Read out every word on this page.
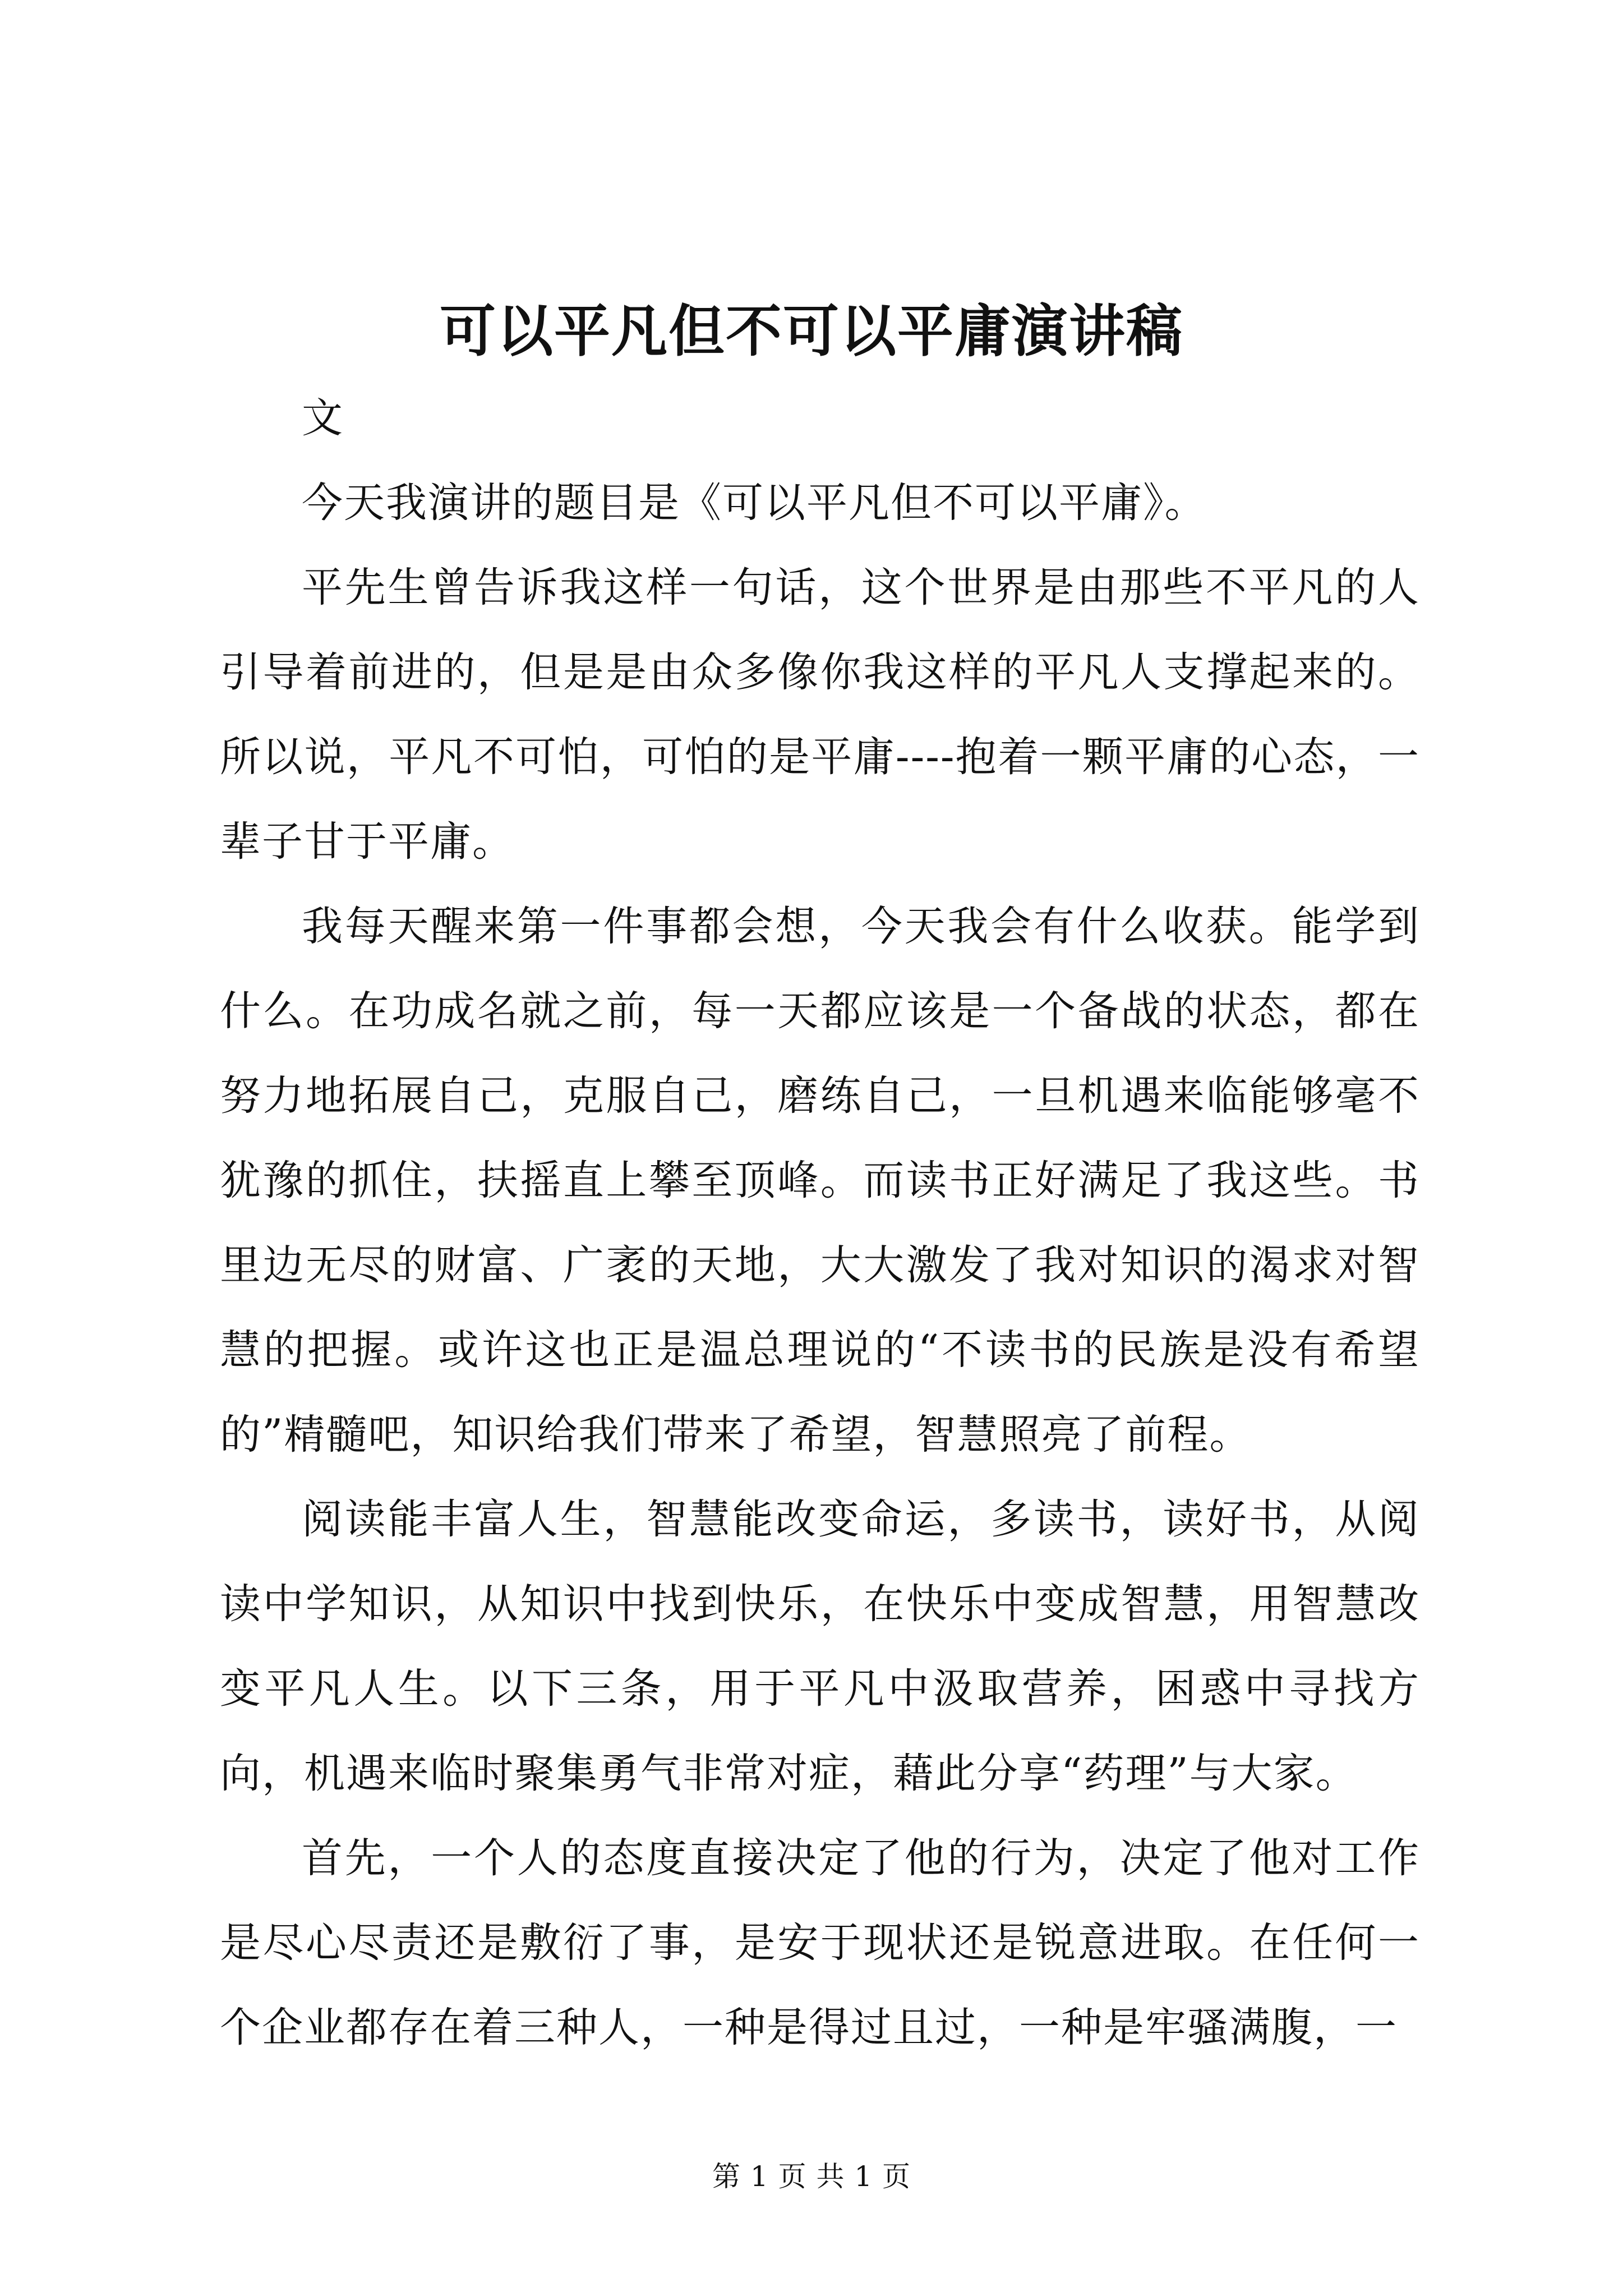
可以平凡但不可以平庸演讲稿

文

今天我演讲的题目是《可以平凡但不可以平庸》。

平先生曾告诉我这样一句话，这个世界是由那些不平凡的人引导着前进的，但是是由众多像你我这样的平凡人支撑起来的。所以说，平凡不可怕，可怕的是平庸----抱着一颗平庸的心态，一辈子甘于平庸。

我每天醒来第一件事都会想，今天我会有什么收获。能学到什么。在功成名就之前，每一天都应该是一个备战的状态，都在努力地拓展自己，克服自己，磨练自己，一旦机遇来临能够毫不犹豫的抓住，扶摇直上攀至顶峰。而读书正好满足了我这些。书里边无尽的财富、广袤的天地，大大激发了我对知识的渴求对智慧的把握。或许这也正是温总理说的“不读书的民族是没有希望的”精髓吧，知识给我们带来了希望，智慧照亮了前程。

阅读能丰富人生，智慧能改变命运，多读书，读好书，从阅读中学知识，从知识中找到快乐，在快乐中变成智慧，用智慧改变平凡人生。以下三条，用于平凡中汲取营养，困惑中寻找方向，机遇来临时聚集勇气非常对症，藉此分享“药理”与大家。

首先，一个人的态度直接决定了他的行为，决定了他对工作是尽心尽责还是敷衍了事，是安于现状还是锐意进取。在任何一个企业都存在着三种人，一种是得过且过，一种是牢骚满腹，一

第 1 页 共 1 页
